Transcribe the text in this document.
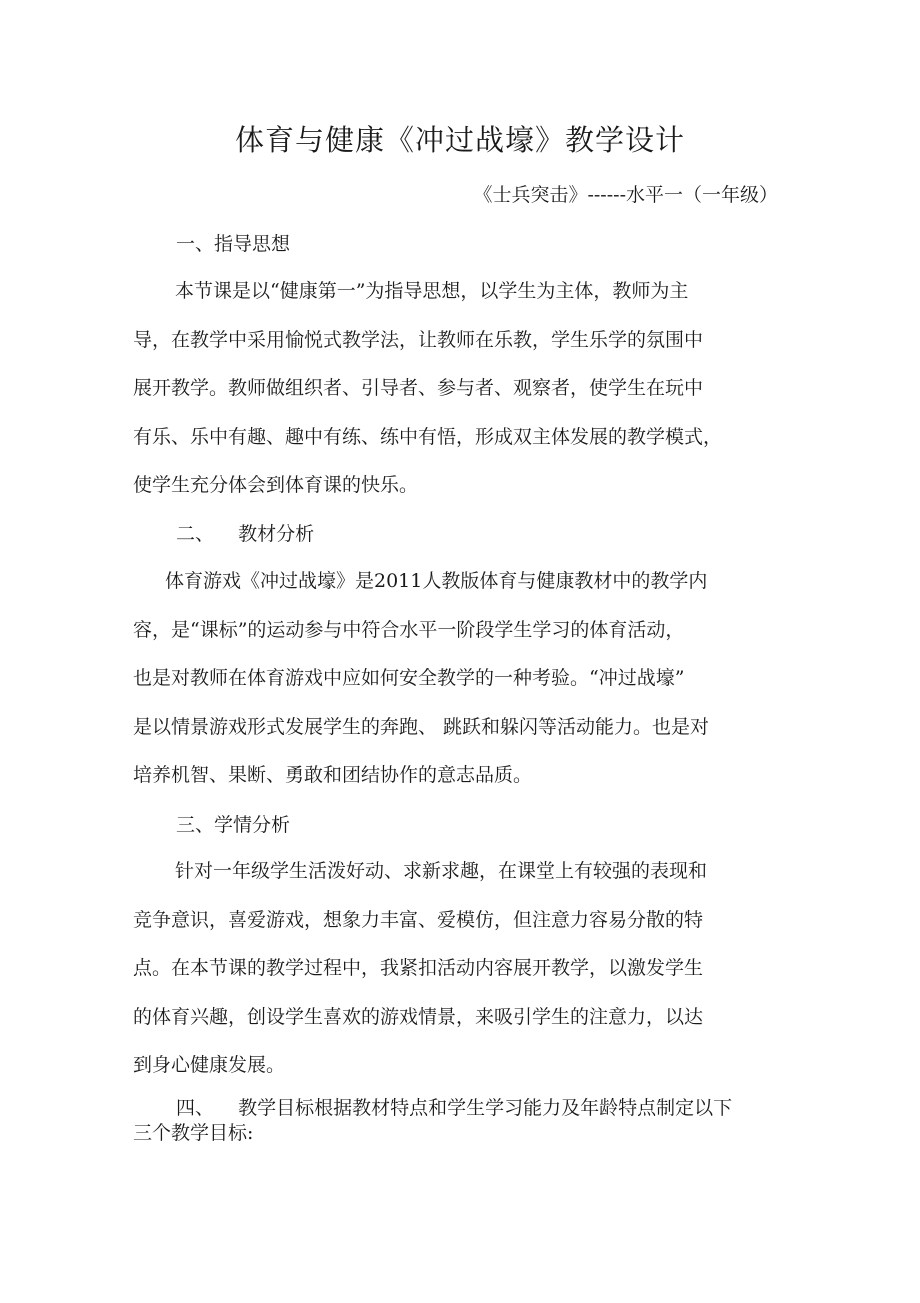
体育与健康《冲过战壕》教学设计

《士兵突击》------水平一（一年级）

一、指导思想
本节课是以“健康第一”为指导思想，以学生为主体，教师为主
导，在教学中采用愉悦式教学法，让教师在乐教，学生乐学的氛围中
展开教学。教师做组织者、引导者、参与者、观察者，使学生在玩中
有乐、乐中有趣、趣中有练、练中有悟，形成双主体发展的教学模式，
使学生充分体会到体育课的快乐。
二、    教材分析
体育游戏《冲过战壕》是2011人教版体育与健康教材中的教学内
容，是“课标”的运动参与中符合水平一阶段学生学习的体育活动，
也是对教师在体育游戏中应如何安全教学的一种考验。“冲过战壕”
是以情景游戏形式发展学生的奔跑、 跳跃和躲闪等活动能力。也是对
培养机智、果断、勇敢和团结协作的意志品质。
三、学情分析
针对一年级学生活泼好动、求新求趣，在课堂上有较强的表现和
竞争意识，喜爱游戏，想象力丰富、爱模仿，但注意力容易分散的特
点。在本节课的教学过程中，我紧扣活动内容展开教学，以激发学生
的体育兴趣，创设学生喜欢的游戏情景，来吸引学生的注意力，以达
到身心健康发展。
四、    教学目标根据教材特点和学生学习能力及年龄特点制定以下
三个教学目标:
